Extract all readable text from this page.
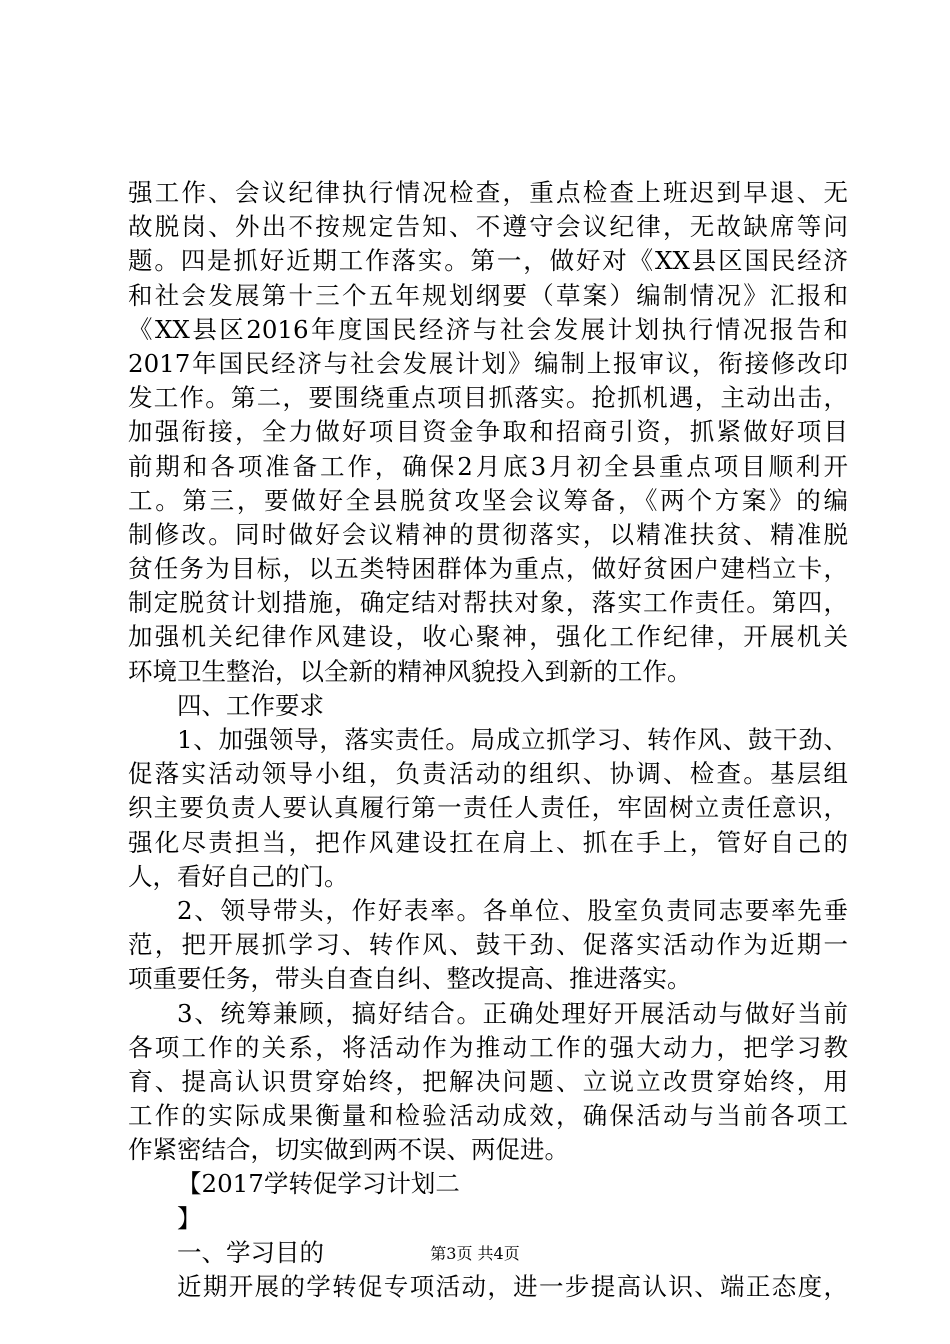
强工作、会议纪律执行情况检查，重点检查上班迟到早退、无
故脱岗、外出不按规定告知、不遵守会议纪律，无故缺席等问
题。四是抓好近期工作落实。第一，做好对《XX县区国民经济
和社会发展第十三个五年规划纲要（草案）编制情况》汇报和
《XX县区2016年度国民经济与社会发展计划执行情况报告和
2017年国民经济与社会发展计划》编制上报审议，衔接修改印
发工作。第二，要围绕重点项目抓落实。抢抓机遇，主动出击，
加强衔接，全力做好项目资金争取和招商引资，抓紧做好项目
前期和各项准备工作，确保2月底3月初全县重点项目顺利开
工。第三，要做好全县脱贫攻坚会议筹备，《两个方案》的编
制修改。同时做好会议精神的贯彻落实，以精准扶贫、精准脱
贫任务为目标，以五类特困群体为重点，做好贫困户建档立卡，
制定脱贫计划措施，确定结对帮扶对象，落实工作责任。第四，
加强机关纪律作风建设，收心聚神，强化工作纪律，开展机关
环境卫生整治，以全新的精神风貌投入到新的工作。
四、工作要求
1、加强领导，落实责任。局成立抓学习、转作风、鼓干劲、
促落实活动领导小组，负责活动的组织、协调、检查。基层组
织主要负责人要认真履行第一责任人责任，牢固树立责任意识，
强化尽责担当，把作风建设扛在肩上、抓在手上，管好自己的
人，看好自己的门。
2、领导带头，作好表率。各单位、股室负责同志要率先垂
范，把开展抓学习、转作风、鼓干劲、促落实活动作为近期一
项重要任务，带头自查自纠、整改提高、推进落实。
3、统筹兼顾，搞好结合。正确处理好开展活动与做好当前
各项工作的关系，将活动作为推动工作的强大动力，把学习教
育、提高认识贯穿始终，把解决问题、立说立改贯穿始终，用
工作的实际成果衡量和检验活动成效，确保活动与当前各项工
作紧密结合，切实做到两不误、两促进。
【2017学转促学习计划二
】
一、学习目的
近期开展的学转促专项活动，进一步提高认识、端正态度，
第3页 共4页
